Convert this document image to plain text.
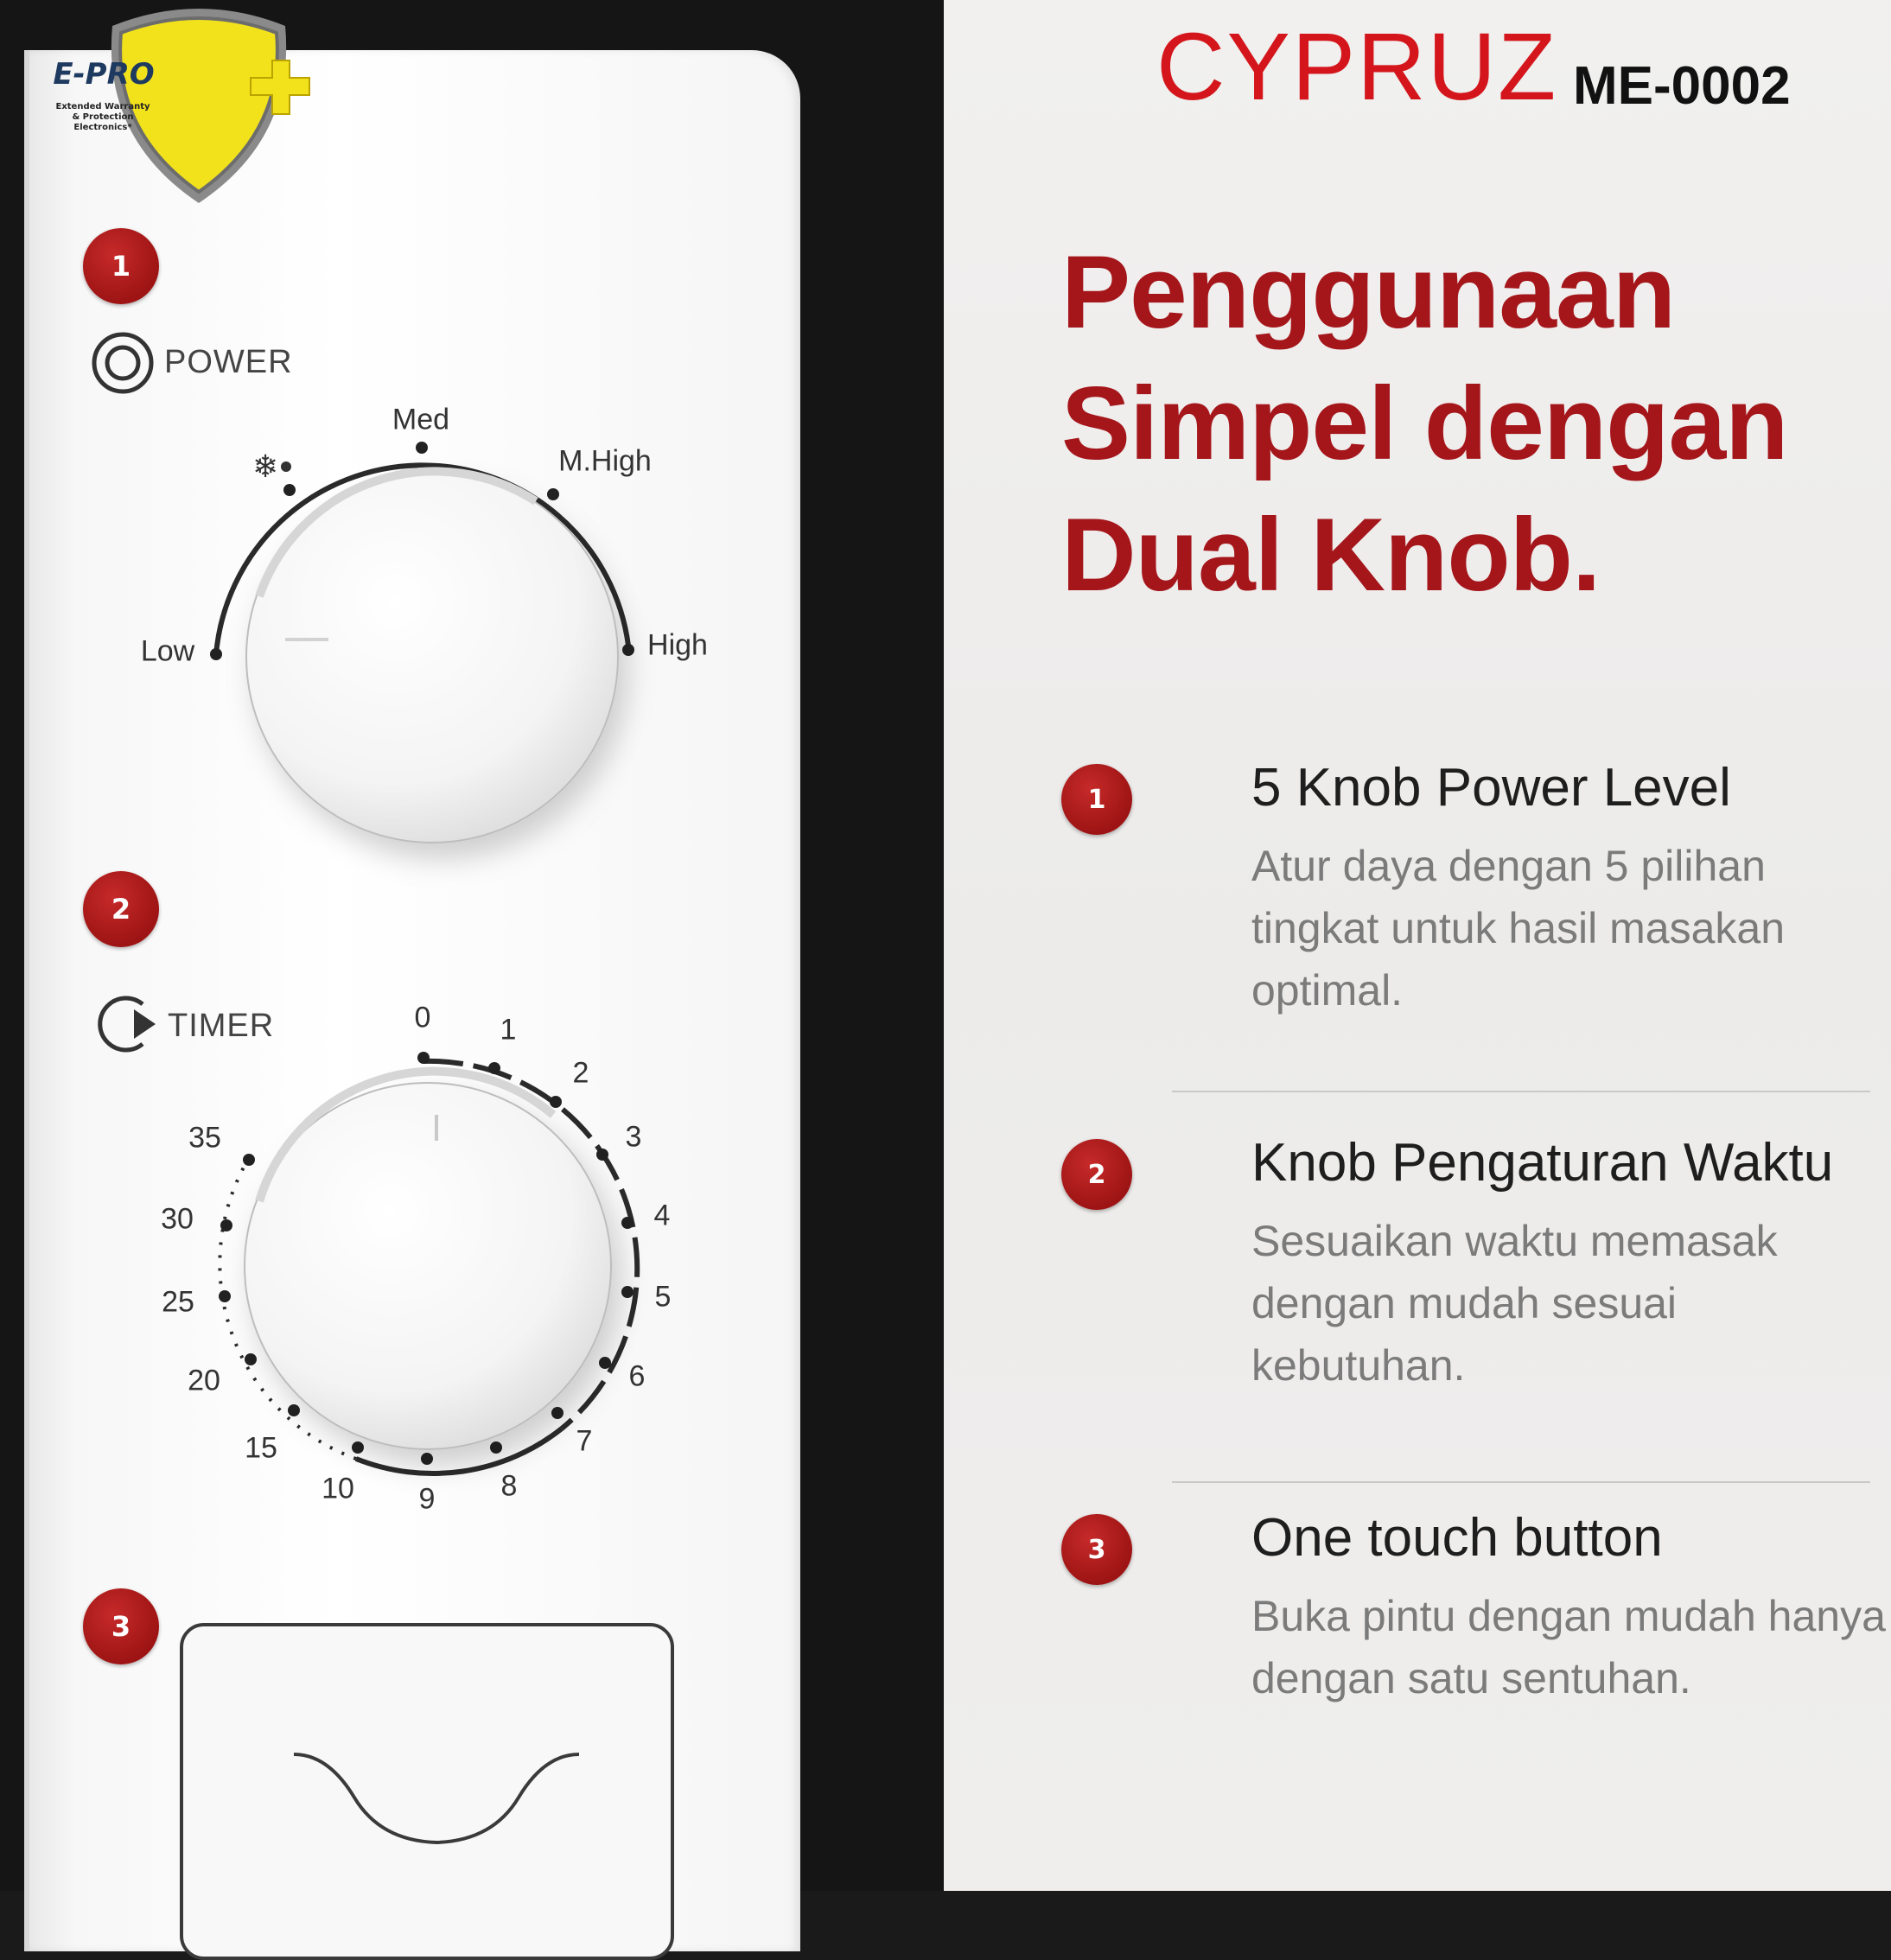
❄
1
2
3
POWER
TIMER
Low
Med
M.High
High
0 1
2
3
4
5
6
7
8
9
10
15
20
25
30
35
E-PRO
Extended Warranty & Protection Electronics*
CYPRUZ ME-0002
Penggunaan
Simpel dengan
Dual Knob.
1	5 Knob Power Level
Atur daya dengan 5 pilihan tingkat untuk hasil masakan optimal.
2	Knob Pengaturan Waktu
Sesuaikan waktu memasak dengan mudah sesuai kebutuhan.
3	One touch button
Buka pintu dengan mudah hanya dengan satu sentuhan.
